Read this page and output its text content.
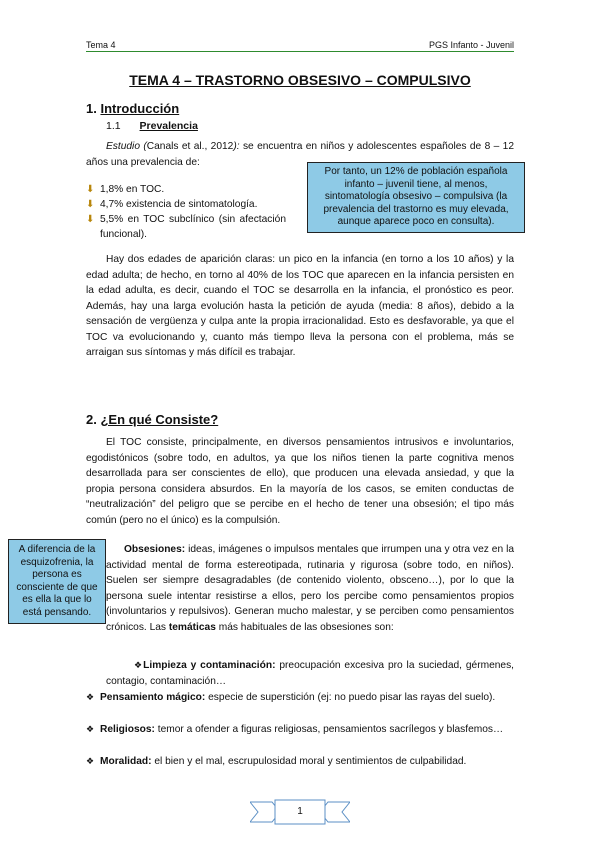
Tema 4	PGS Infanto - Juvenil
TEMA 4 – TRASTORNO OBSESIVO – COMPULSIVO
1. Introducción
1.1 Prevalencia
Estudio (Canals et al., 2012): se encuentra en niños y adolescentes españoles de 8 – 12 años una prevalencia de:
Por tanto, un 12% de población española infanto – juvenil tiene, al menos, sintomatología obsesivo – compulsiva (la prevalencia del trastorno es muy elevada, aunque aparece poco en consulta).
⬇ 1,8% en TOC.
⬇ 4,7% existencia de sintomatología.
⬇ 5,5% en TOC subclínico (sin afectación funcional).
Hay dos edades de aparición claras: un pico en la infancia (en torno a los 10 años) y la edad adulta; de hecho, en torno al 40% de los TOC que aparecen en la infancia persisten en la edad adulta, es decir, cuando el TOC se desarrolla en la infancia, el pronóstico es peor. Además, hay una larga evolución hasta la petición de ayuda (media: 8 años), debido a la sensación de vergüenza y culpa ante la propia irracionalidad. Esto es desfavorable, ya que el TOC va evolucionando y, cuanto más tiempo lleva la persona con el problema, más se arraigan sus síntomas y más difícil es trabajar.
2. ¿En qué Consiste?
El TOC consiste, principalmente, en diversos pensamientos intrusivos e involuntarios, egodistónicos (sobre todo, en adultos, ya que los niños tienen la parte cognitiva menos desarrollada para ser conscientes de ello), que producen una elevada ansiedad, y que la propia persona considera absurdos. En la mayoría de los casos, se emiten conductas de “neutralización” del peligro que se percibe en el hecho de tener una obsesión; el tipo más común (pero no el único) es la compulsión.
A diferencia de la esquizofrenia, la persona es consciente de que es ella la que lo está pensando.
Obsesiones: ideas, imágenes o impulsos mentales que irrumpen una y otra vez en la actividad mental de forma estereotipada, rutinaria y rigurosa (sobre todo, en niños). Suelen ser siempre desagradables (de contenido violento, obsceno…), por lo que la persona suele intentar resistirse a ellos, pero los percibe como pensamientos propios (involuntarios y repulsivos). Generan mucho malestar, y se perciben como pensamientos crónicos. Las temáticas más habituales de las obsesiones son:
❖Limpieza y contaminación: preocupación excesiva pro la suciedad, gérmenes, contagio, contaminación…
❖ Pensamiento mágico: especie de superstición (ej: no puedo pisar las rayas del suelo).
❖ Religiosos: temor a ofender a figuras religiosas, pensamientos sacrílegos y blasfemos…
❖ Moralidad: el bien y el mal, escrupulosidad moral y sentimientos de culpabilidad.
1
